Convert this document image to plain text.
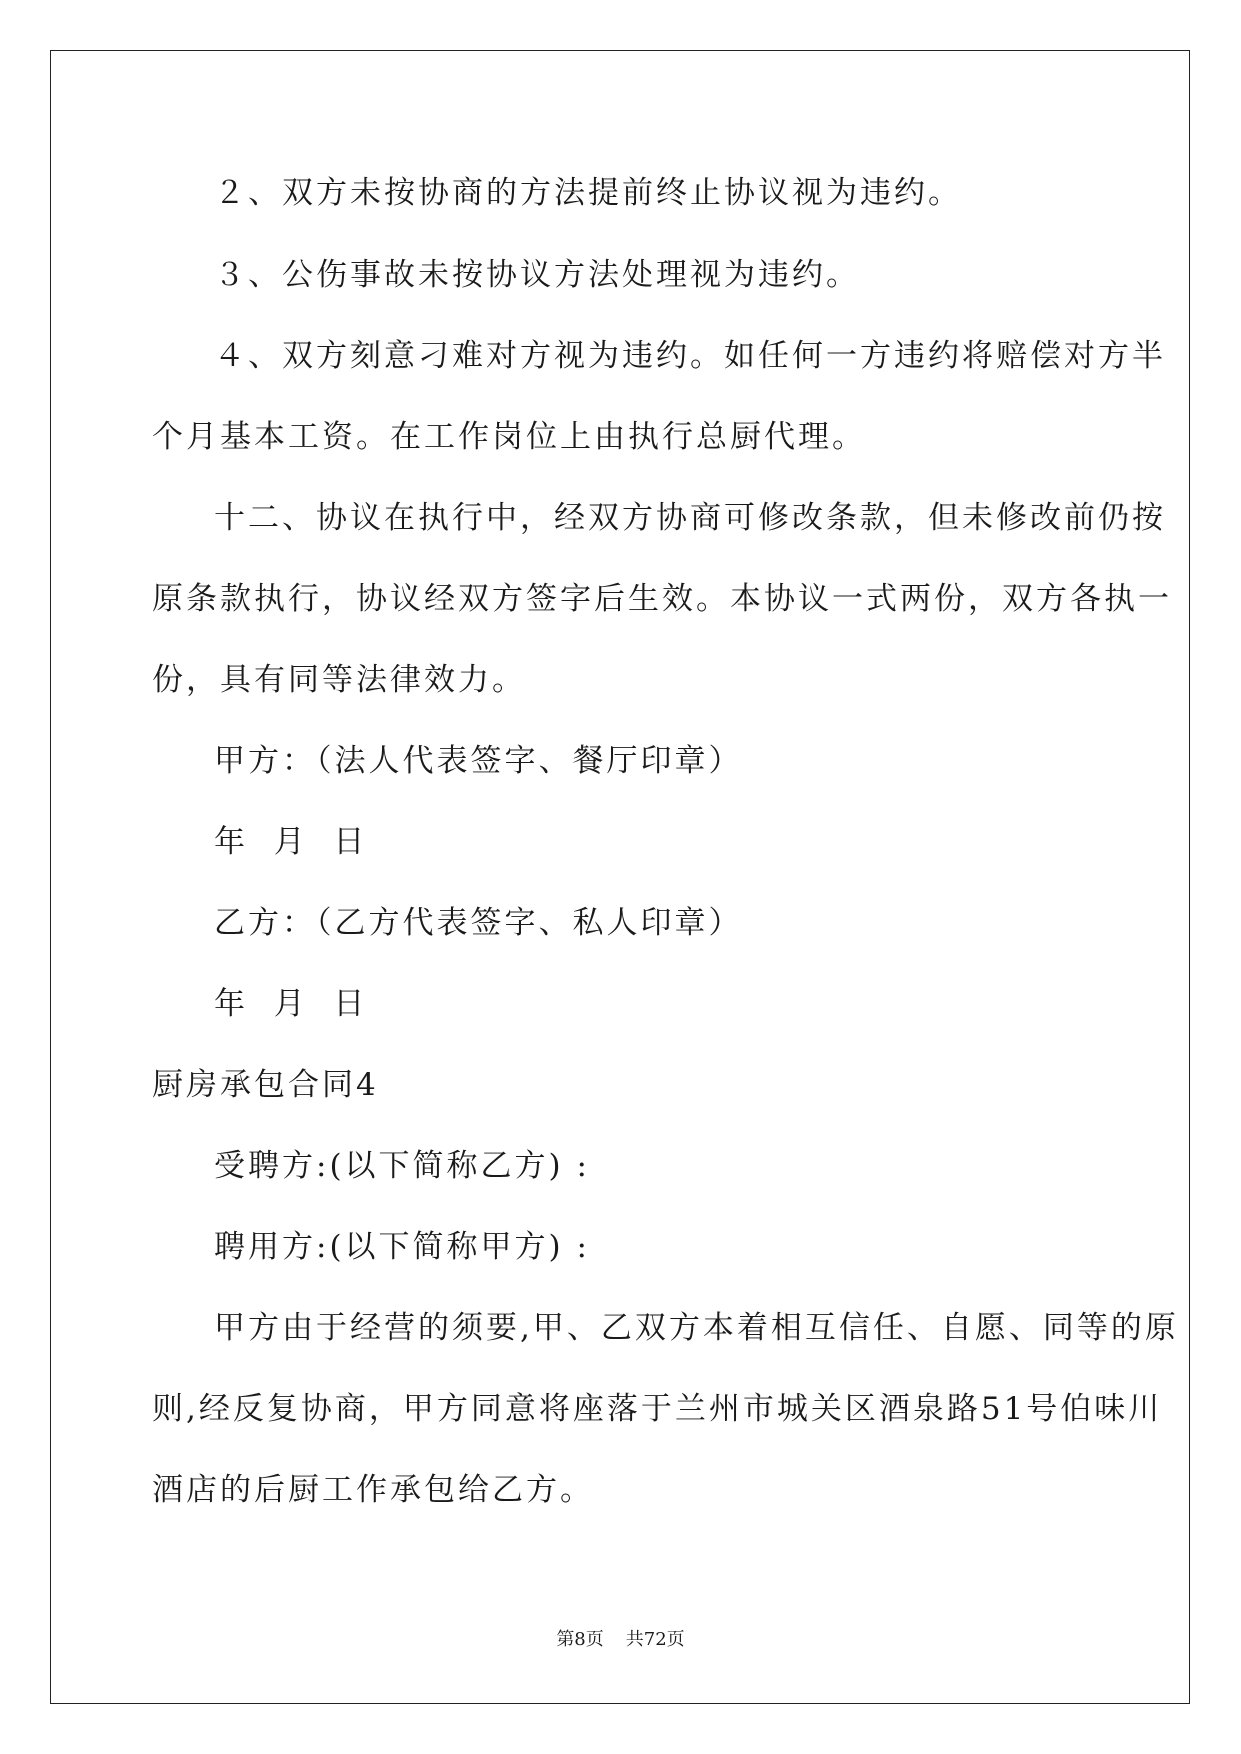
２、双方未按协商的方法提前终止协议视为违约。
３、公伤事故未按协议方法处理视为违约。
４、双方刻意刁难对方视为违约。如任何一方违约将赔偿对方半
个月基本工资。在工作岗位上由执行总厨代理。
十二、协议在执行中，经双方协商可修改条款，但未修改前仍按
原条款执行，协议经双方签字后生效。本协议一式两份，双方各执一
份，具有同等法律效力。
甲方：（法人代表签字、餐厅印章）
年  月  日
乙方：（乙方代表签字、私人印章）
年  月  日
厨房承包合同4
受聘方:(以下简称乙方) :
聘用方:(以下简称甲方) :
甲方由于经营的须要,甲、乙双方本着相互信任、自愿、同等的原
则,经反复协商，甲方同意将座落于兰州市城关区酒泉路51号伯味川
酒店的后厨工作承包给乙方。
第8页 共72页
